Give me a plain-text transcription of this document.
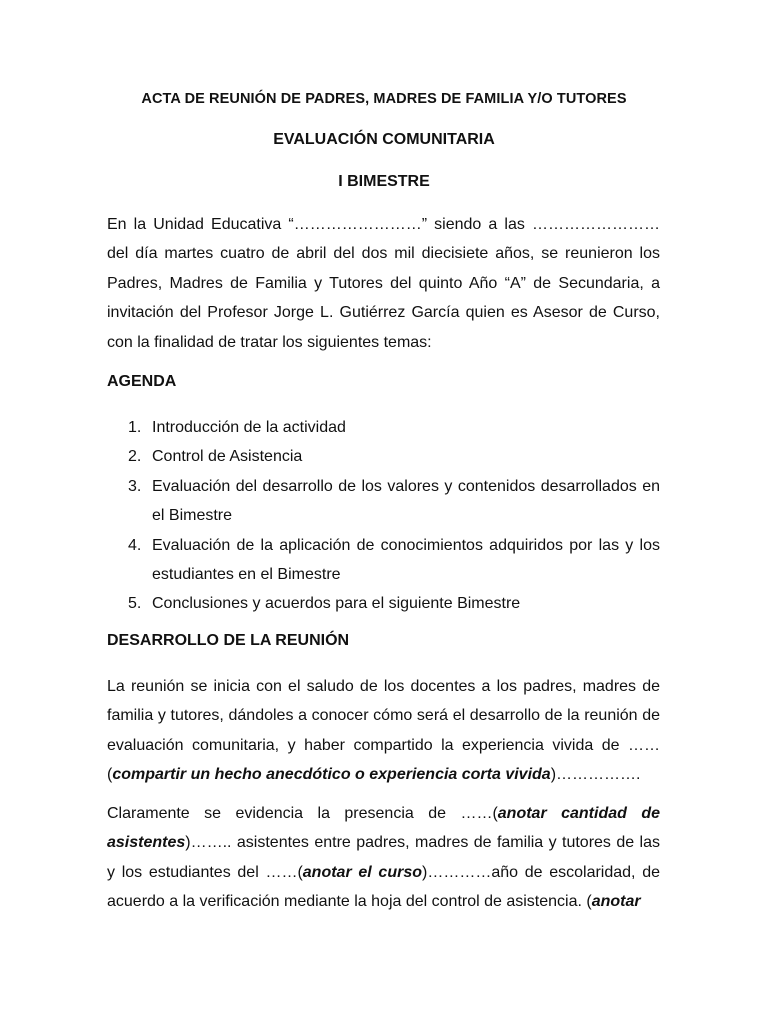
ACTA DE REUNIÓN DE PADRES, MADRES DE FAMILIA Y/O TUTORES
EVALUACIÓN COMUNITARIA
I BIMESTRE

En la Unidad Educativa “……………………” siendo a las …………………… del día martes cuatro de abril del dos mil diecisiete años, se reunieron los Padres, Madres de Familia y Tutores del quinto Año “A” de Secundaria, a invitación del Profesor Jorge L. Gutiérrez García quien es Asesor de Curso, con la finalidad de tratar los siguientes temas:

AGENDA
1. Introducción de la actividad
2. Control de Asistencia
3. Evaluación del desarrollo de los valores y contenidos desarrollados en el Bimestre
4. Evaluación de la aplicación de conocimientos adquiridos por las y los estudiantes en el Bimestre
5. Conclusiones y acuerdos para el siguiente Bimestre
DESARROLLO DE LA REUNIÓN

La reunión se inicia con el saludo de los docentes a los padres, madres de familia y tutores, dándoles a conocer cómo será el desarrollo de la reunión de evaluación comunitaria, y haber compartido la experiencia vivida de …… (compartir un hecho anecdótico o experiencia corta vivida)…………….

Claramente se evidencia la presencia de ……(anotar cantidad de asistentes)…….. asistentes entre padres, madres de familia y tutores de las y los estudiantes del ……(anotar el curso)…………año de escolaridad, de acuerdo a la verificación mediante la hoja del control de asistencia. (anotar
